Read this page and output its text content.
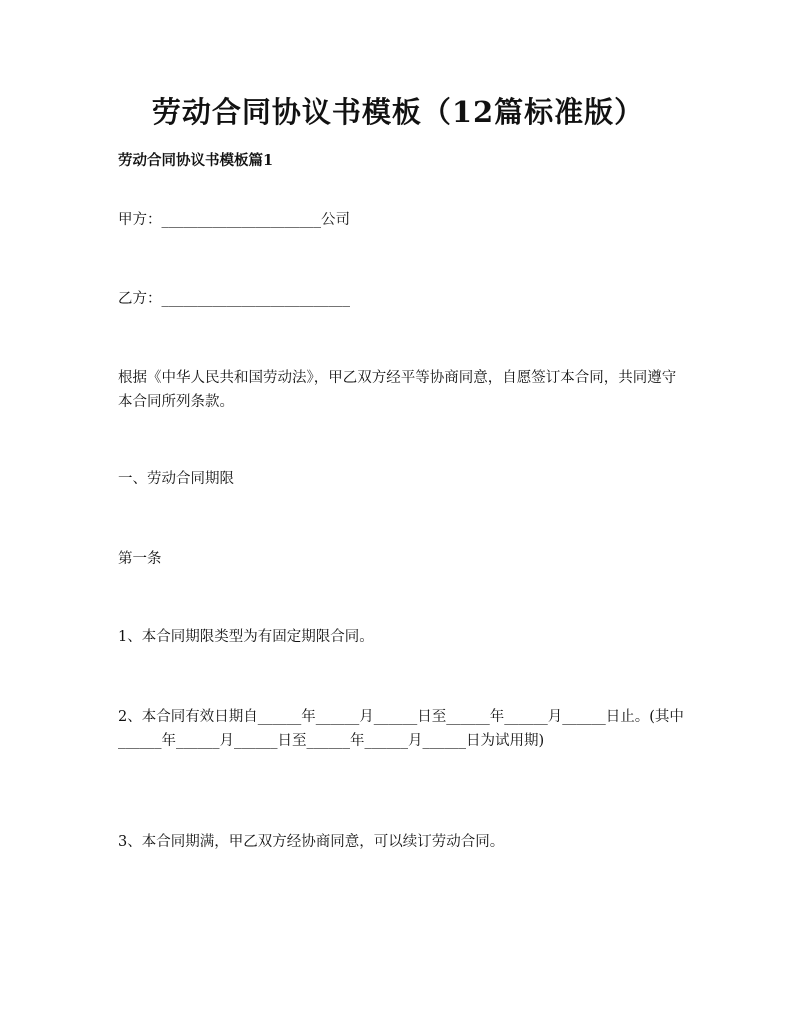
劳动合同协议书模板（12篇标准版）
劳动合同协议书模板篇1

甲方：______________________公司

乙方：__________________________

根据《中华人民共和国劳动法》，甲乙双方经平等协商同意，自愿签订本合同，共同遵守本合同所列条款。

一、劳动合同期限

第一条

1、本合同期限类型为有固定期限合同。

2、本合同有效日期自______年______月______日至______年______月______日止。(其中______年______月______日至______年______月______日为试用期)

3、本合同期满，甲乙双方经协商同意，可以续订劳动合同。
